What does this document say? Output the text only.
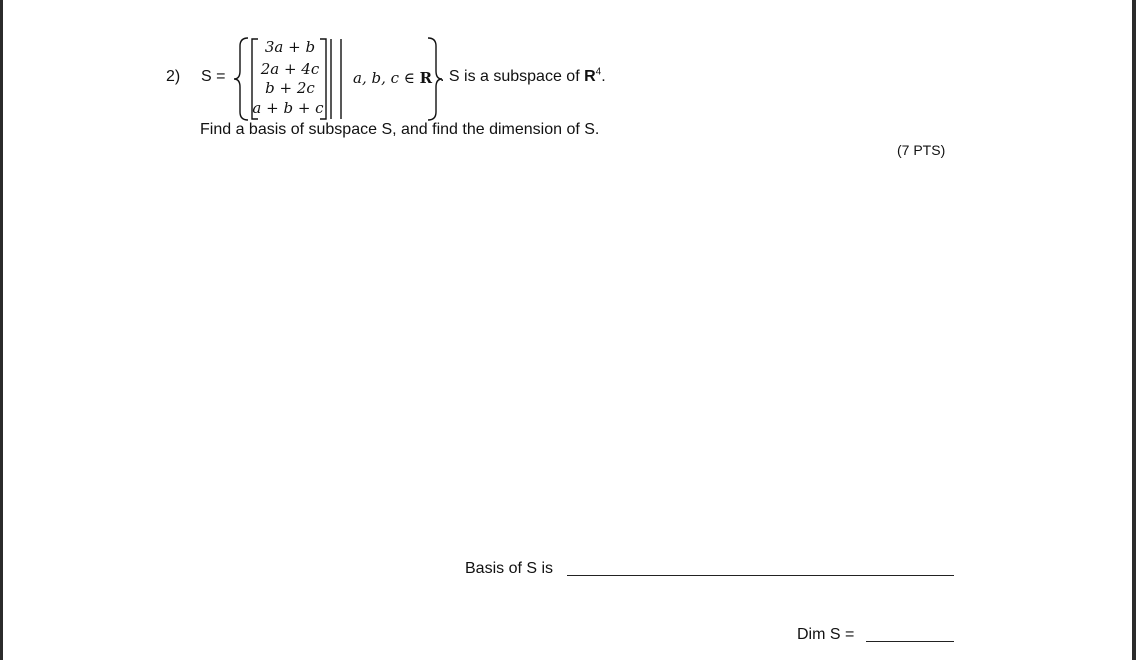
2) S =
3a + b
2a + 4c
b + 2c
a + b + c
a, b, c ∈ R . S is a subspace of $R^4$.
Find a basis of subspace S, and find the dimension of S.
(7 PTS)
Basis of S is
Dim S =
